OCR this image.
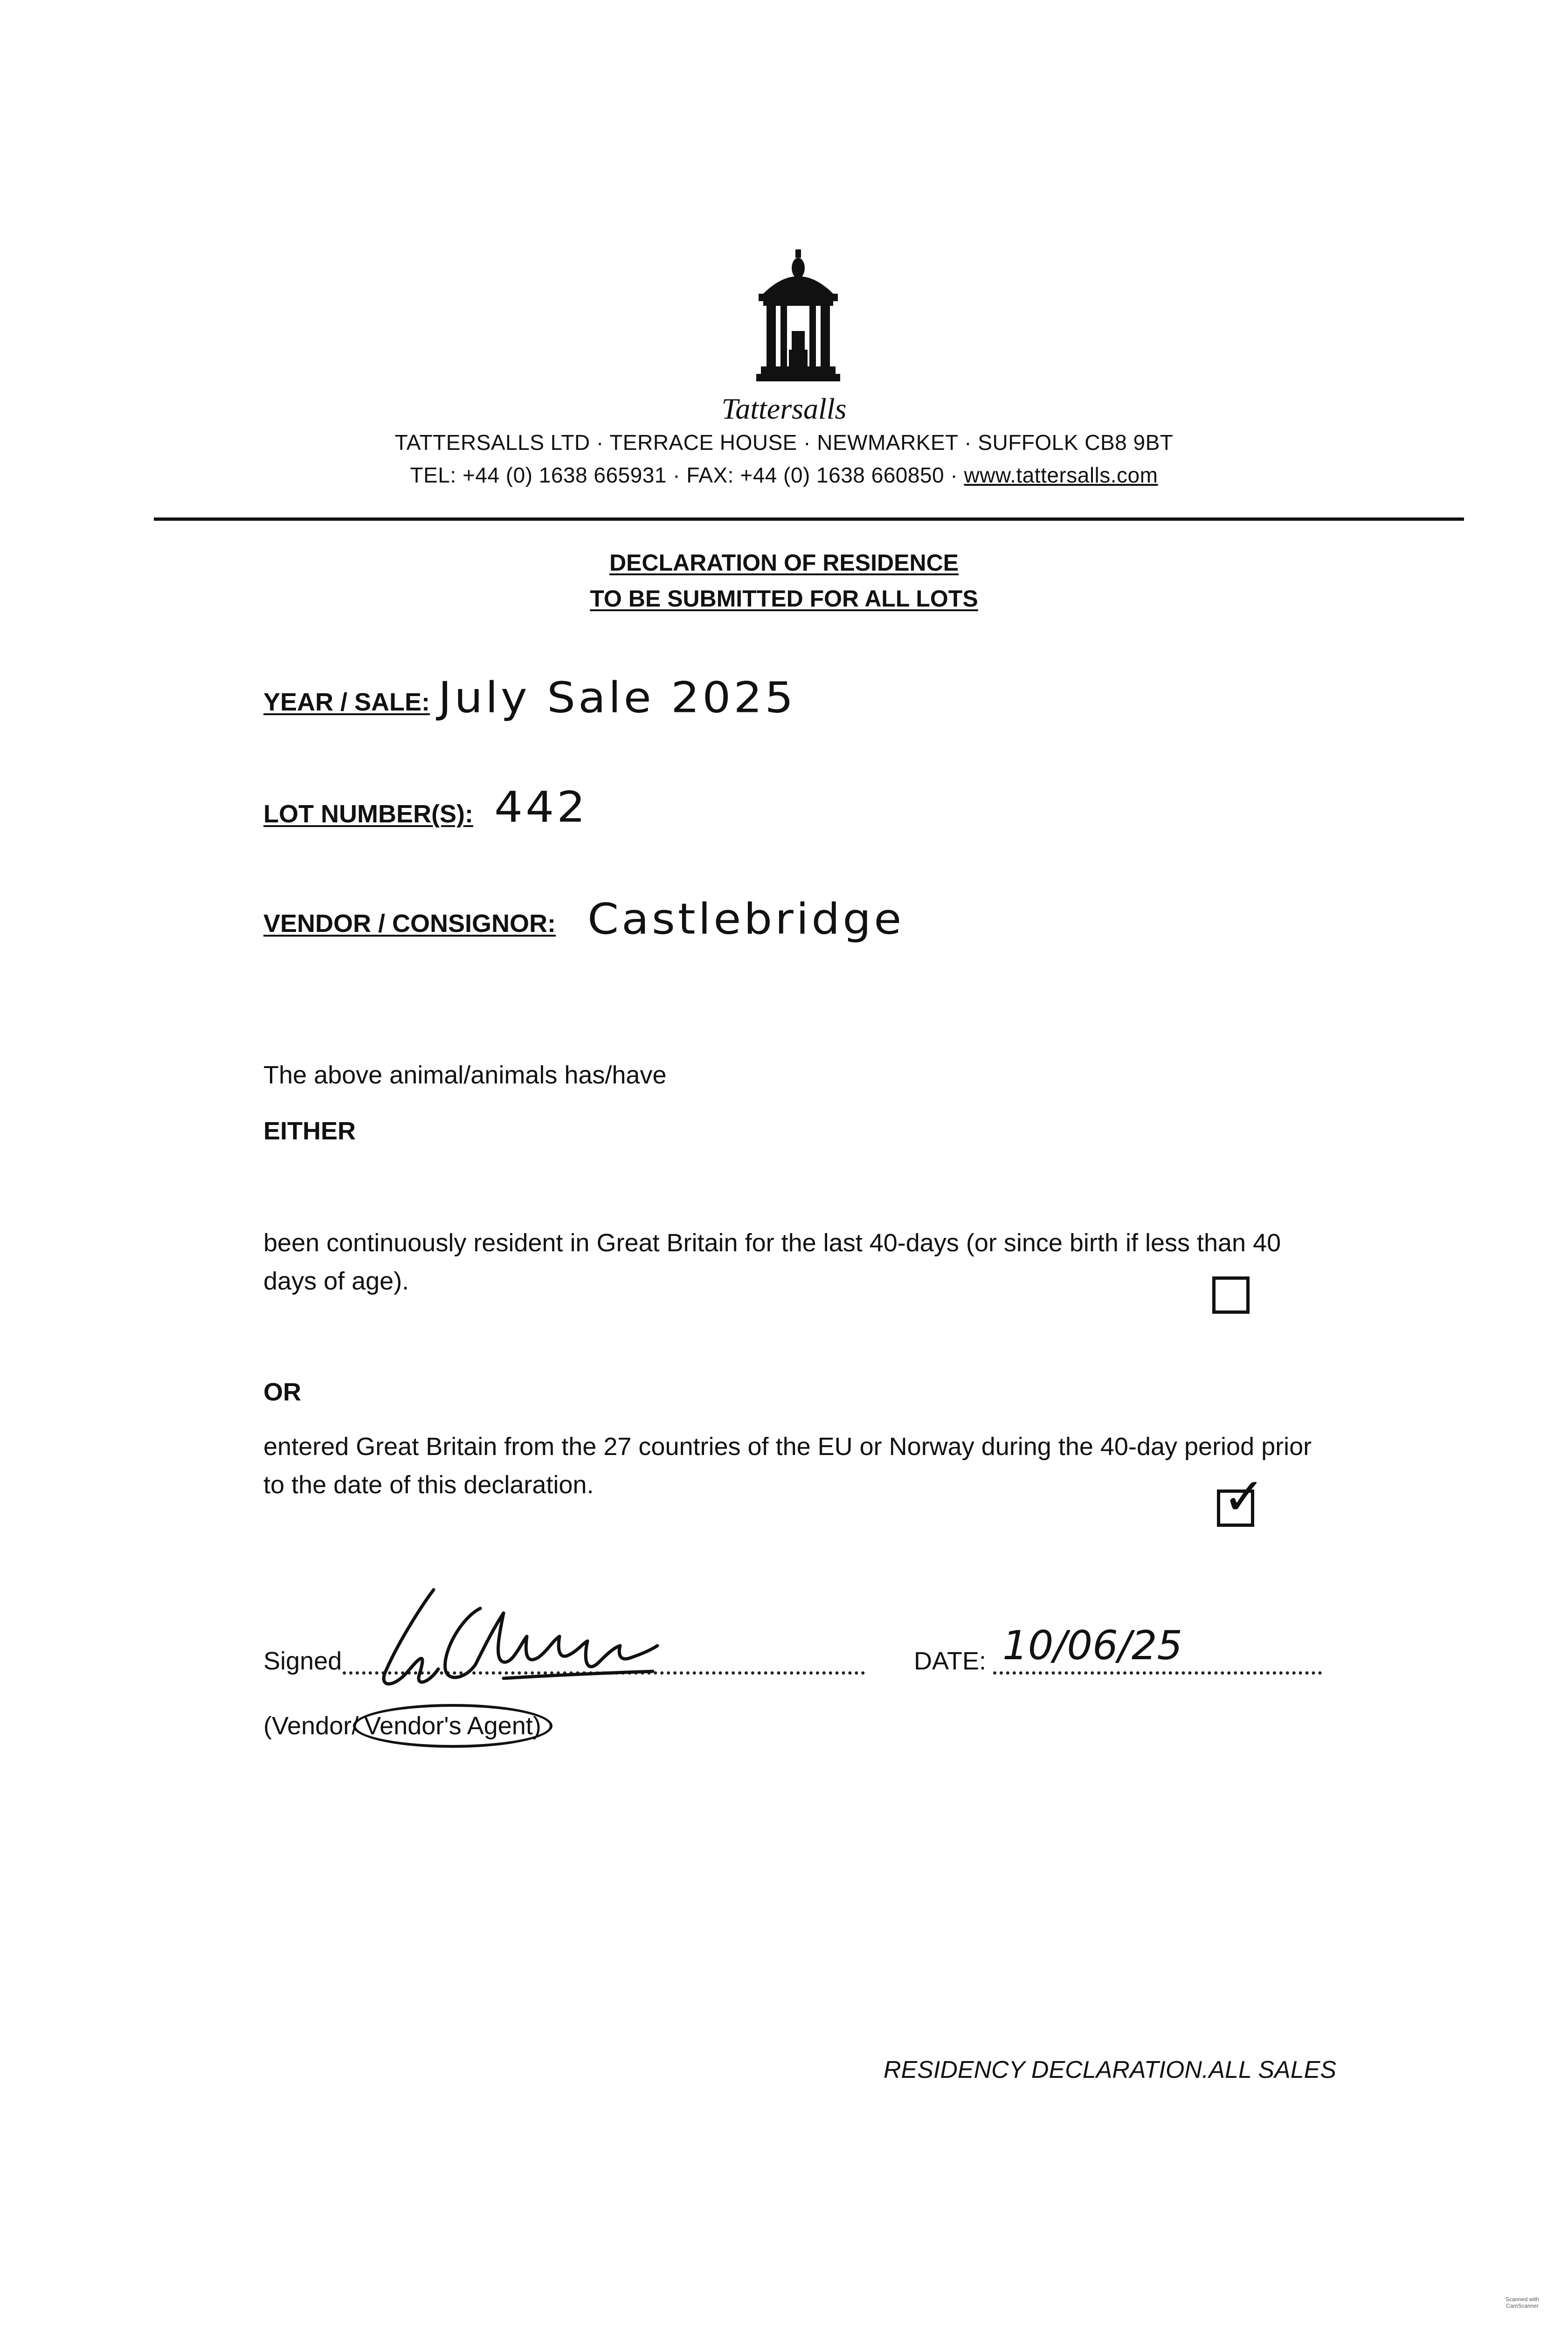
Tattersalls
TATTERSALLS LTD · TERRACE HOUSE · NEWMARKET · SUFFOLK CB8 9BT
TEL: +44 (0) 1638 665931 · FAX: +44 (0) 1638 660850 · www.tattersalls.com
DECLARATION OF RESIDENCE
TO BE SUBMITTED FOR ALL LOTS
YEAR / SALE: July Sale 2025
LOT NUMBER(S): 442
VENDOR / CONSIGNOR: Castlebridge
The above animal/animals has/have
EITHER
been continuously resident in Great Britain for the last 40-days (or since birth if less than 40 days of age).
OR
entered Great Britain from the 27 countries of the EU or Norway during the 40-day period prior to the date of this declaration.	✓
Signed	DATE: 10/06/25
(Vendor/ Vendor's Agent)
RESIDENCY DECLARATION.ALL SALES
Scanned with CamScanner
